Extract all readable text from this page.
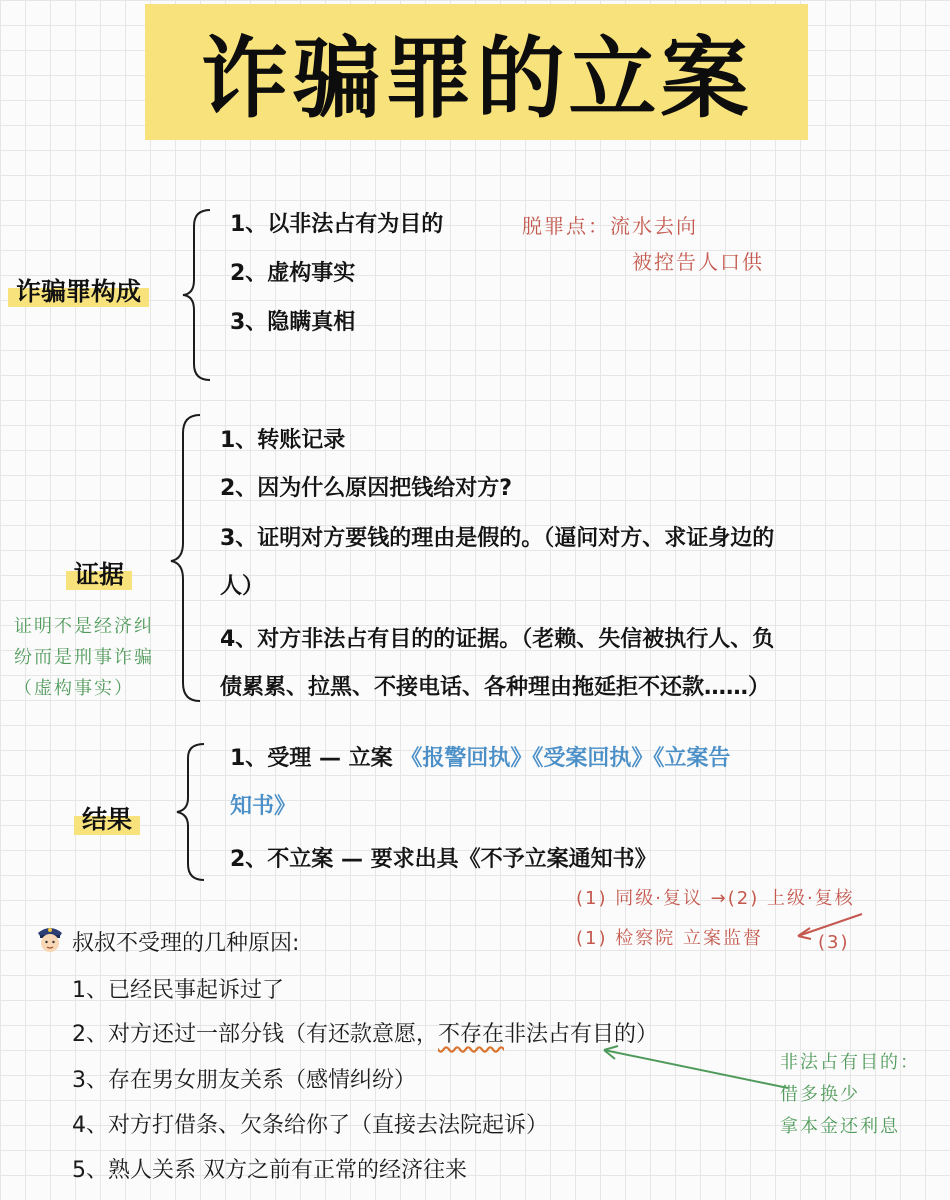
诈骗罪的立案
诈骗罪构成
1、以非法占有为目的
2、虚构事实
3、隐瞒真相
脱罪点：流水去向
被控告人口供
证据
1、转账记录
2、因为什么原因把钱给对方?
3、证明对方要钱的理由是假的。（逼问对方、求证身边的
人）
4、对方非法占有目的的证据。（老赖、失信被执行人、负
债累累、拉黑、不接电话、各种理由拖延拒不还款……）
证明不是经济纠
纷而是刑事诈骗
（虚构事实）
结果
1、受理 — 立案 《报警回执》《受案回执》《立案告
知书》
2、不立案 — 要求出具《不予立案通知书》
(1) 同级·复议 →(2) 上级·复核
(1) 检察院 立案监督	(3)
叔叔不受理的几种原因:
1、已经民事起诉过了
2、对方还过一部分钱（有还款意愿，不存在非法占有目的）
3、存在男女朋友关系（感情纠纷）
4、对方打借条、欠条给你了（直接去法院起诉）
5、熟人关系 双方之前有正常的经济往来
非法占有目的：
借多换少
拿本金还利息
